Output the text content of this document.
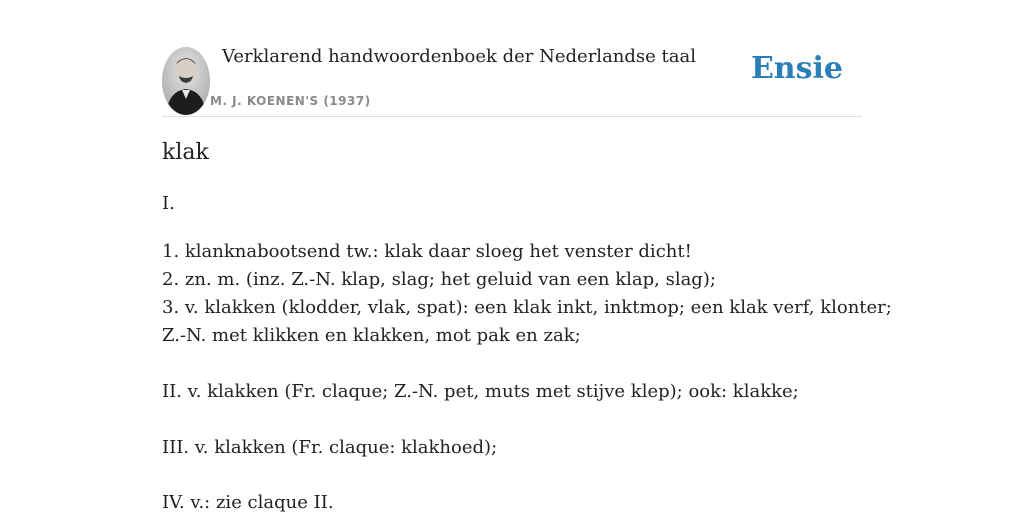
Verklarend handwoordenboek der Nederlandse taal
M. J. KOENEN'S (1937)
Ensie
klak
I.
1. klanknabootsend tw.: klak daar sloeg het venster dicht!
2. zn. m. (inz. Z.-N. klap, slag; het geluid van een klap, slag);
3. v. klakken (klodder, vlak, spat): een klak inkt, inktmop; een klak verf, klonter;
Z.-N. met klikken en klakken, mot pak en zak;
II. v. klakken (Fr. claque; Z.-N. pet, muts met stijve klep); ook: klakke;
III. v. klakken (Fr. claque: klakhoed);
IV. v.: zie claque II.
